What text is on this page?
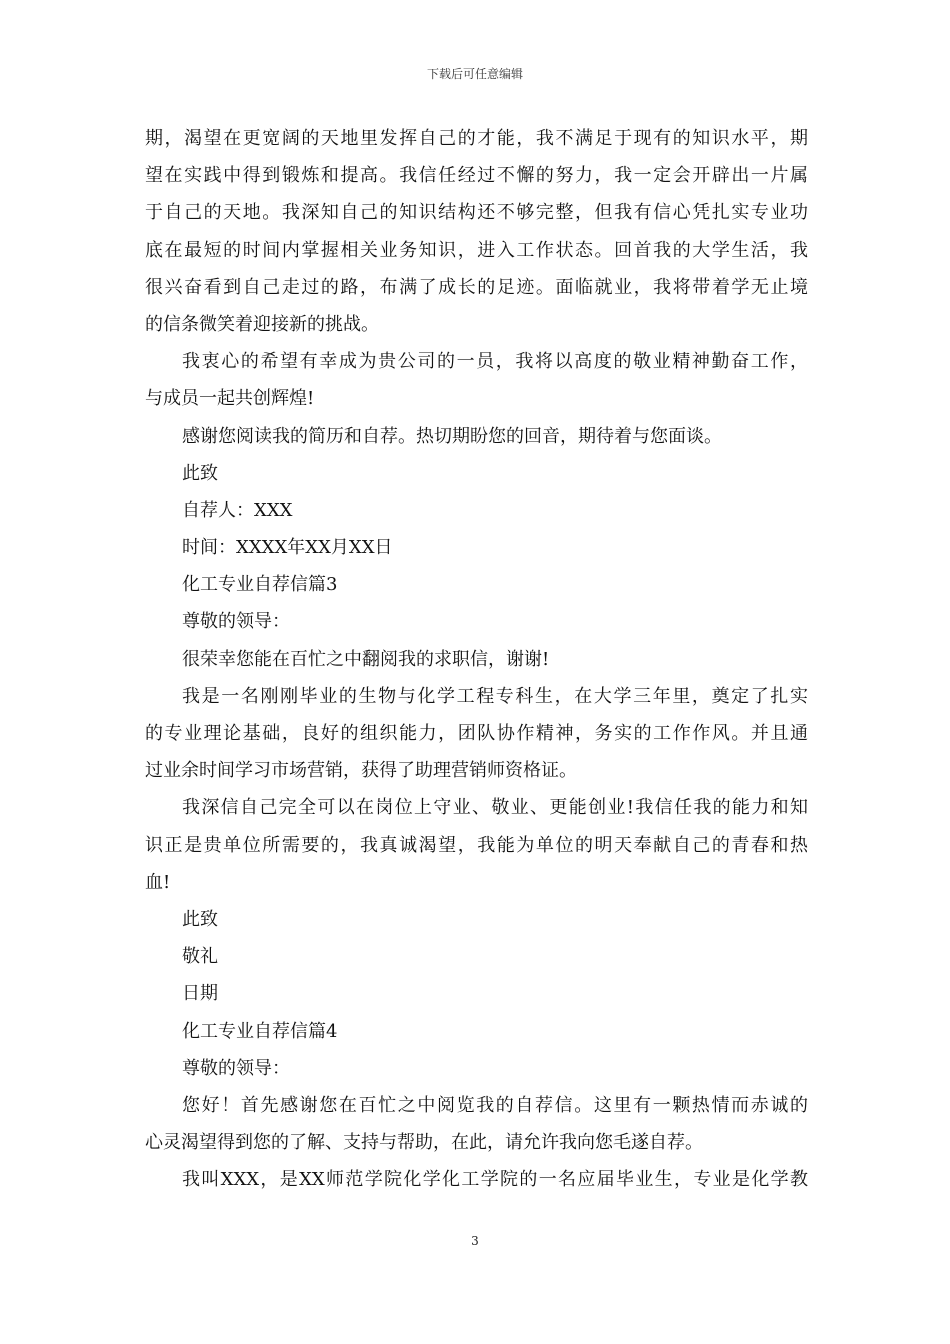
下载后可任意编辑
期，渴望在更宽阔的天地里发挥自己的才能，我不满足于现有的知识水平，期
望在实践中得到锻炼和提高。我信任经过不懈的努力，我一定会开辟出一片属
于自己的天地。我深知自己的知识结构还不够完整，但我有信心凭扎实专业功
底在最短的时间内掌握相关业务知识，进入工作状态。回首我的大学生活，我
很兴奋看到自己走过的路，布满了成长的足迹。面临就业，我将带着学无止境
的信条微笑着迎接新的挑战。
我衷心的希望有幸成为贵公司的一员，我将以高度的敬业精神勤奋工作，
与成员一起共创辉煌!
感谢您阅读我的简历和自荐。热切期盼您的回音，期待着与您面谈。
此致
自荐人：XXX
时间：XXXX年XX月XX日
化工专业自荐信篇3
尊敬的领导：
很荣幸您能在百忙之中翻阅我的求职信，谢谢!
我是一名刚刚毕业的生物与化学工程专科生，在大学三年里，奠定了扎实
的专业理论基础，良好的组织能力，团队协作精神，务实的工作作风。并且通
过业余时间学习市场营销，获得了助理营销师资格证。
我深信自己完全可以在岗位上守业、敬业、更能创业!我信任我的能力和知
识正是贵单位所需要的，我真诚渴望，我能为单位的明天奉献自己的青春和热
血!
此致
敬礼
日期
化工专业自荐信篇4
尊敬的领导：
您好！首先感谢您在百忙之中阅览我的自荐信。这里有一颗热情而赤诚的
心灵渴望得到您的了解、支持与帮助，在此，请允许我向您毛遂自荐。
我叫XXX，是XX师范学院化学化工学院的一名应届毕业生，专业是化学教
3
